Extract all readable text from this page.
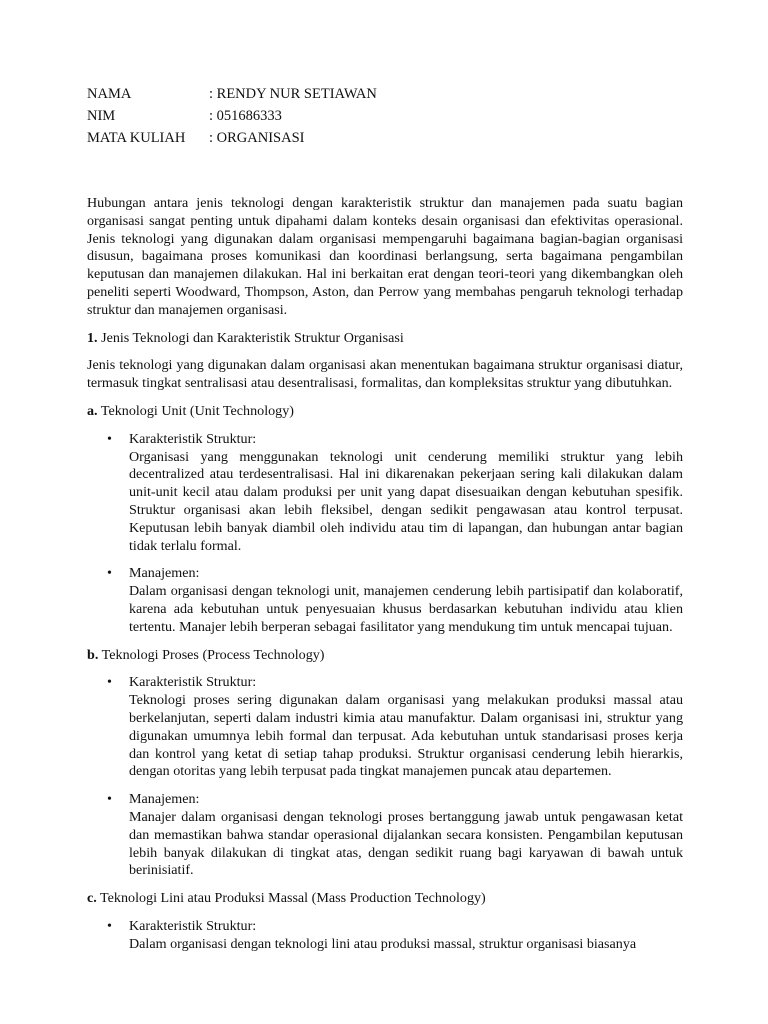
NAMA	: RENDY NUR SETIAWAN
NIM	: 051686333
MATA KULIAH	: ORGANISASI

Hubungan antara jenis teknologi dengan karakteristik struktur dan manajemen pada suatu bagian organisasi sangat penting untuk dipahami dalam konteks desain organisasi dan efektivitas operasional. Jenis teknologi yang digunakan dalam organisasi mempengaruhi bagaimana bagian-bagian organisasi disusun, bagaimana proses komunikasi dan koordinasi berlangsung, serta bagaimana pengambilan keputusan dan manajemen dilakukan. Hal ini berkaitan erat dengan teori-teori yang dikembangkan oleh peneliti seperti Woodward, Thompson, Aston, dan Perrow yang membahas pengaruh teknologi terhadap struktur dan manajemen organisasi.

1. Jenis Teknologi dan Karakteristik Struktur Organisasi

Jenis teknologi yang digunakan dalam organisasi akan menentukan bagaimana struktur organisasi diatur, termasuk tingkat sentralisasi atau desentralisasi, formalitas, dan kompleksitas struktur yang dibutuhkan.

a. Teknologi Unit (Unit Technology)
• Karakteristik Struktur:
Organisasi yang menggunakan teknologi unit cenderung memiliki struktur yang lebih decentralized atau terdesentralisasi. Hal ini dikarenakan pekerjaan sering kali dilakukan dalam unit-unit kecil atau dalam produksi per unit yang dapat disesuaikan dengan kebutuhan spesifik. Struktur organisasi akan lebih fleksibel, dengan sedikit pengawasan atau kontrol terpusat. Keputusan lebih banyak diambil oleh individu atau tim di lapangan, dan hubungan antar bagian tidak terlalu formal.
• Manajemen:
Dalam organisasi dengan teknologi unit, manajemen cenderung lebih partisipatif dan kolaboratif, karena ada kebutuhan untuk penyesuaian khusus berdasarkan kebutuhan individu atau klien tertentu. Manajer lebih berperan sebagai fasilitator yang mendukung tim untuk mencapai tujuan.
b. Teknologi Proses (Process Technology)
• Karakteristik Struktur:
Teknologi proses sering digunakan dalam organisasi yang melakukan produksi massal atau berkelanjutan, seperti dalam industri kimia atau manufaktur. Dalam organisasi ini, struktur yang digunakan umumnya lebih formal dan terpusat. Ada kebutuhan untuk standarisasi proses kerja dan kontrol yang ketat di setiap tahap produksi. Struktur organisasi cenderung lebih hierarkis, dengan otoritas yang lebih terpusat pada tingkat manajemen puncak atau departemen.
• Manajemen:
Manajer dalam organisasi dengan teknologi proses bertanggung jawab untuk pengawasan ketat dan memastikan bahwa standar operasional dijalankan secara konsisten. Pengambilan keputusan lebih banyak dilakukan di tingkat atas, dengan sedikit ruang bagi karyawan di bawah untuk berinisiatif.
c. Teknologi Lini atau Produksi Massal (Mass Production Technology)
• Karakteristik Struktur:
Dalam organisasi dengan teknologi lini atau produksi massal, struktur organisasi biasanya
